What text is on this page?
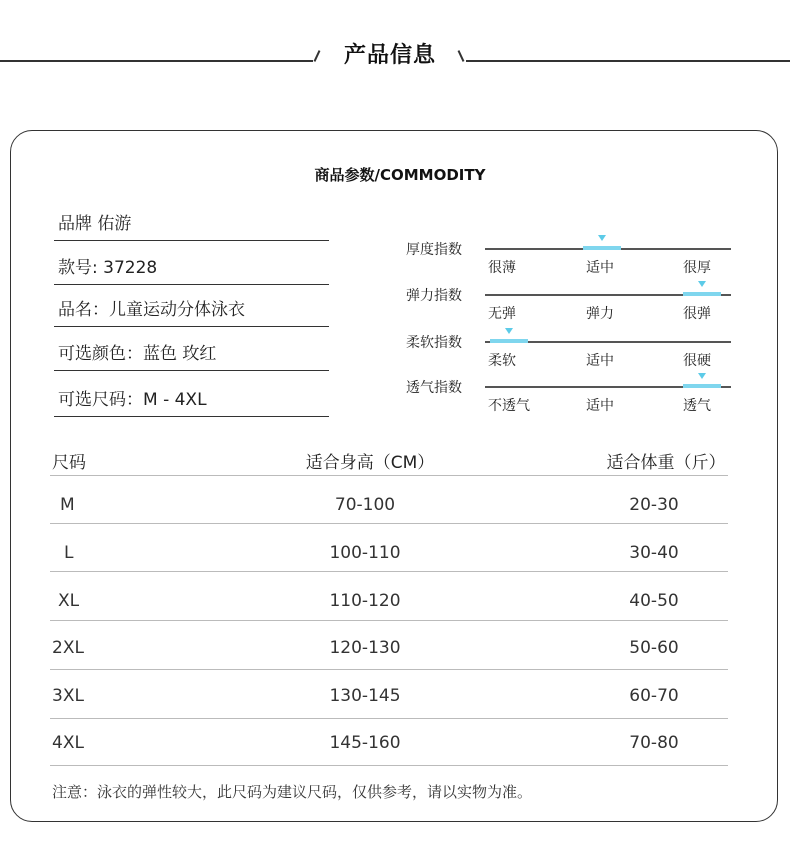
产品信息
商品参数/COMMODITY
品牌 佑游
款号: 37228
品名：儿童运动分体泳衣
可选颜色：蓝色 玫红
可选尺码：M - 4XL
厚度指数
很薄	适中	很厚
弹力指数
无弹	弹力	很弹
柔软指数
柔软	适中	很硬
透气指数
不透气	适中	透气
尺码	适合身高（CM）	适合体重（斤）
M	70-100	20-30
L	100-110	30-40
XL	110-120	40-50
2XL	120-130	50-60
3XL	130-145	60-70
4XL	145-160	70-80
注意：泳衣的弹性较大，此尺码为建议尺码，仅供参考，请以实物为准。
